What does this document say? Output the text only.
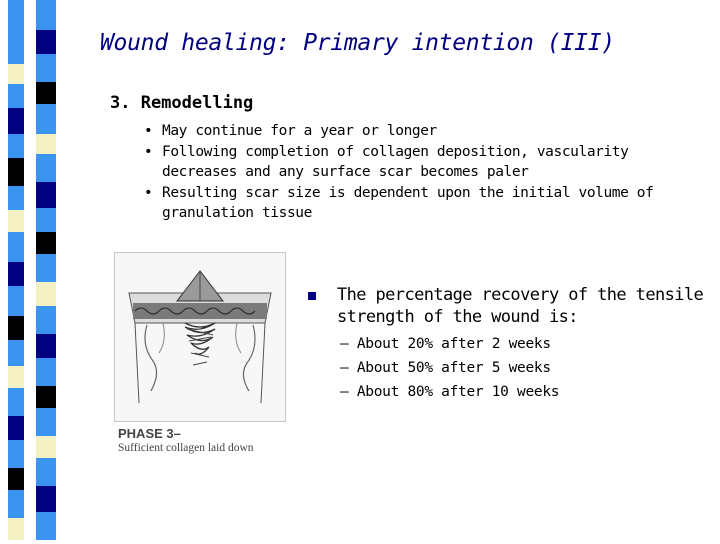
Wound healing: Primary intention (III)
3. Remodelling
• May continue for a year or longer
• Following completion of collagen deposition, vascularity decreases and any surface scar becomes paler
• Resulting scar size is dependent upon the initial volume of granulation tissue
PHASE 3–
Sufficient collagen laid down
The percentage recovery of the tensile strength of the wound is:
– About 20% after 2 weeks
– About 50% after 5 weeks
– About 80% after 10 weeks
